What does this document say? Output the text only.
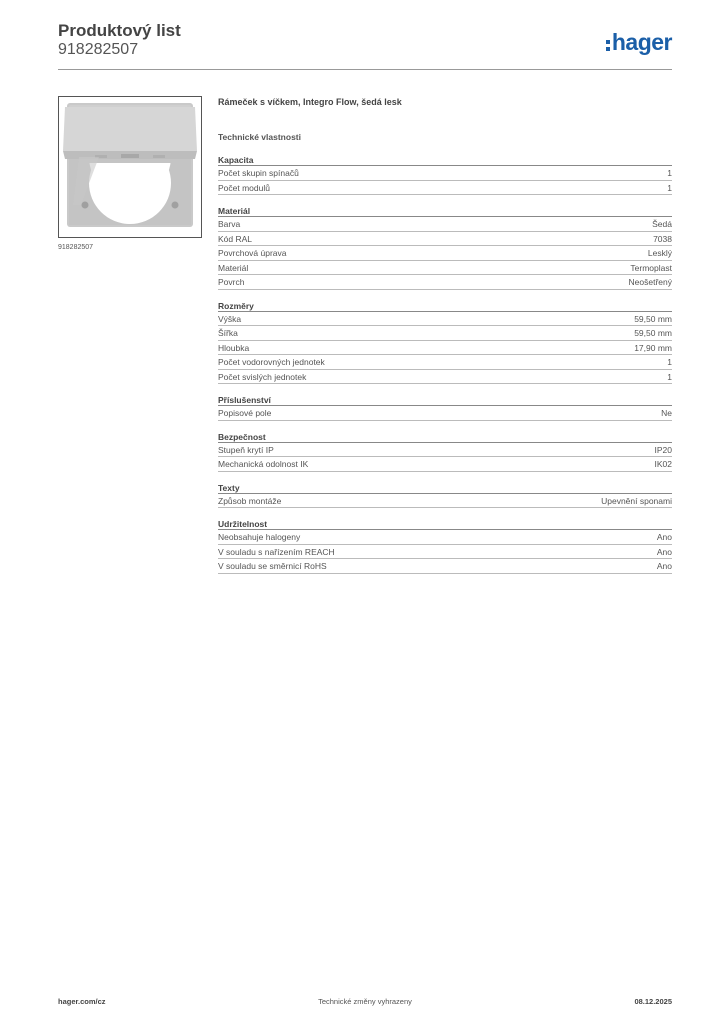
Produktový list
918282507	hager
918282507
Rámeček s víčkem, Integro Flow, šedá lesk
Technické vlastnosti
Kapacita
Počet skupin spínačů	1
Počet modulů	1
Materiál
Barva	Šedá
Kód RAL	7038
Povrchová úprava	Lesklý
Materiál	Termoplast
Povrch	Neošetřený
Rozměry
Výška	59,50 mm
Šířka	59,50 mm
Hloubka	17,90 mm
Počet vodorovných jednotek	1
Počet svislých jednotek	1
Příslušenství
Popisové pole	Ne
Bezpečnost
Stupeň krytí IP	IP20
Mechanická odolnost IK	IK02
Texty
Způsob montáže	Upevnění sponami
Udržitelnost
Neobsahuje halogeny	Ano
V souladu s nařízením REACH	Ano
V souladu se směrnicí RoHS	Ano
hager.com/cz	Technické změny vyhrazeny	08.12.2025
